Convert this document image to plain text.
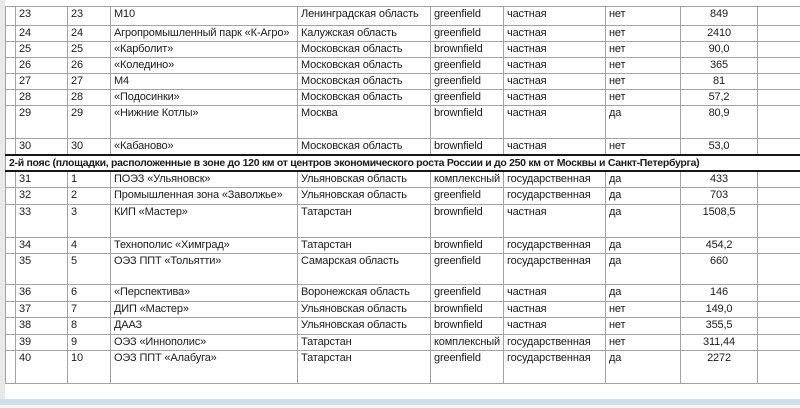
	23	23	М10	Ленинградская область	greenfield	частная	нет	849	
	24	24	Агропромышленный парк «К-Агро»	Калужская область	greenfield	частная	нет	2410	
	25	25	«Карболит»	Московская область	brownfield	частная	нет	90,0	
	26	26	«Коледино»	Московская область	greenfield	частная	нет	365	
	27	27	М4	Московская область	greenfield	частная	нет	81	
	28	28	«Подосинки»	Московская область	greenfield	частная	нет	57,2	
	29	29	«Нижние Котлы»	Москва	brownfield	частная	да	80,9	
	30	30	«Кабаново»	Московская область	brownfield	частная	нет	53,0	
2-й пояс (площадки, расположенные в зоне до 120 км от центров экономического роста России и до 250 км от Москвы и Санкт-Петербурга)									
	31	1	ПОЭЗ «Ульяновск»	Ульяновская область	комплексный	государственная	да	433	
	32	2	Промышленная зона «Заволжье»	Ульяновская область	greenfield	государственная	да	703	
	33	3	КИП «Мастер»	Татарстан	brownfield	частная	да	1508,5	
	34	4	Технополис «Химград»	Татарстан	brownfield	государственная	да	454,2	
	35	5	ОЭЗ ППТ «Тольятти»	Самарская область	greenfield	государственная	да	660	
	36	6	«Перспектива»	Воронежская область	greenfield	частная	да	146	
	37	7	ДИП «Мастер»	Ульяновская область	brownfield	частная	нет	149,0	
	38	8	ДААЗ	Ульяновская область	brownfield	частная	нет	355,5	
	39	9	ОЭЗ «Иннополис»	Татарстан	комплексный	государственная	нет	311,44	
	40	10	ОЭЗ ППТ «Алабуга»	Татарстан	greenfield	государственная	да	2272	
